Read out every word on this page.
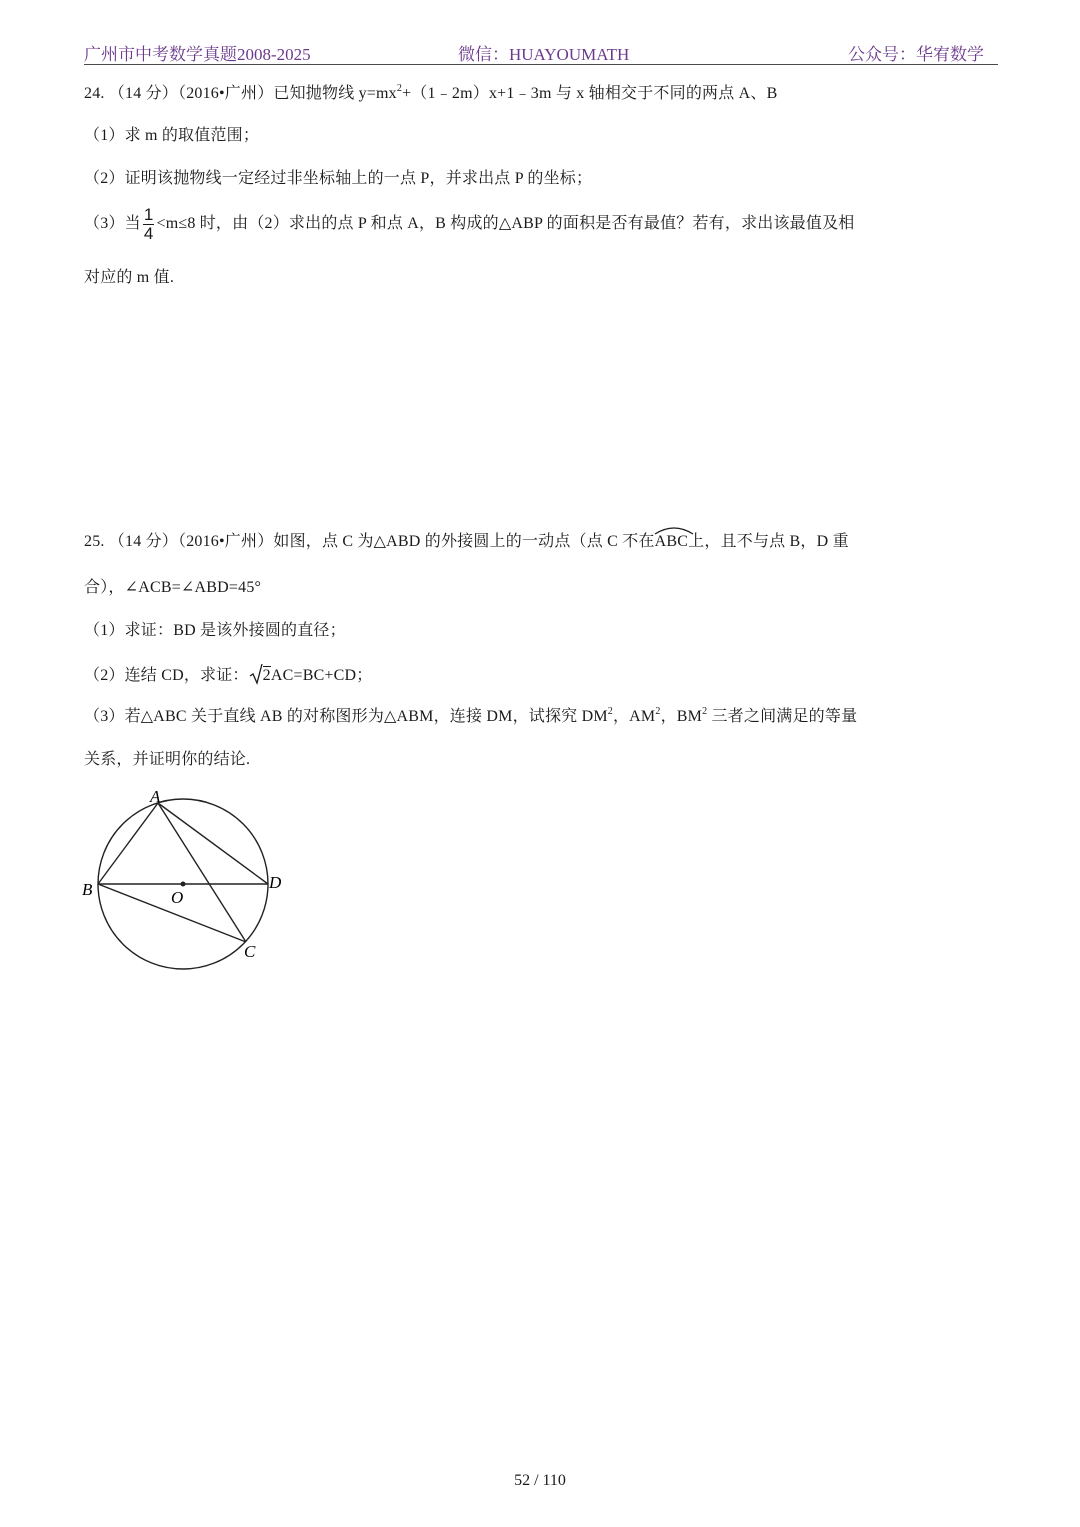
广州市中考数学真题2008-2025	微信：HUAYOUMATH	公众号：华宥数学
24. （14 分）（2016•广州）已知抛物线 $y=mx^2+(1﹣2m)x+1﹣3m$ 与 x 轴相交于不同的两点 A、B
（1）求 m 的取值范围；
（2）证明该抛物线一定经过非坐标轴上的一点 P，并求出点 P 的坐标；
（3）当 $\frac{1}{4} <m\le 8$ 时，由（2）求出的点 P 和点 A，B 构成的△ABP 的面积是否有最值？若有，求出该最值及相
对应的 m 值.
25. （14 分）（2016•广州）如图，点 C 为△ABD 的外接圆上的一动点（点 C 不在
ABC上，且不与点 B，D 重
合），∠ACB=∠ABD=45°
（1）求证：BD 是该外接圆的直径；
（2）连结 CD，求证： 2AC=BC+CD；
（3）若△ABC 关于直线 AB 的对称图形为△ABM，连接 DM，试探究 $DM^2$，$AM^2$，$BM^2$ 三者之间满足的等量
关系，并证明你的结论.
A
B
C
D
O
52 / 110
